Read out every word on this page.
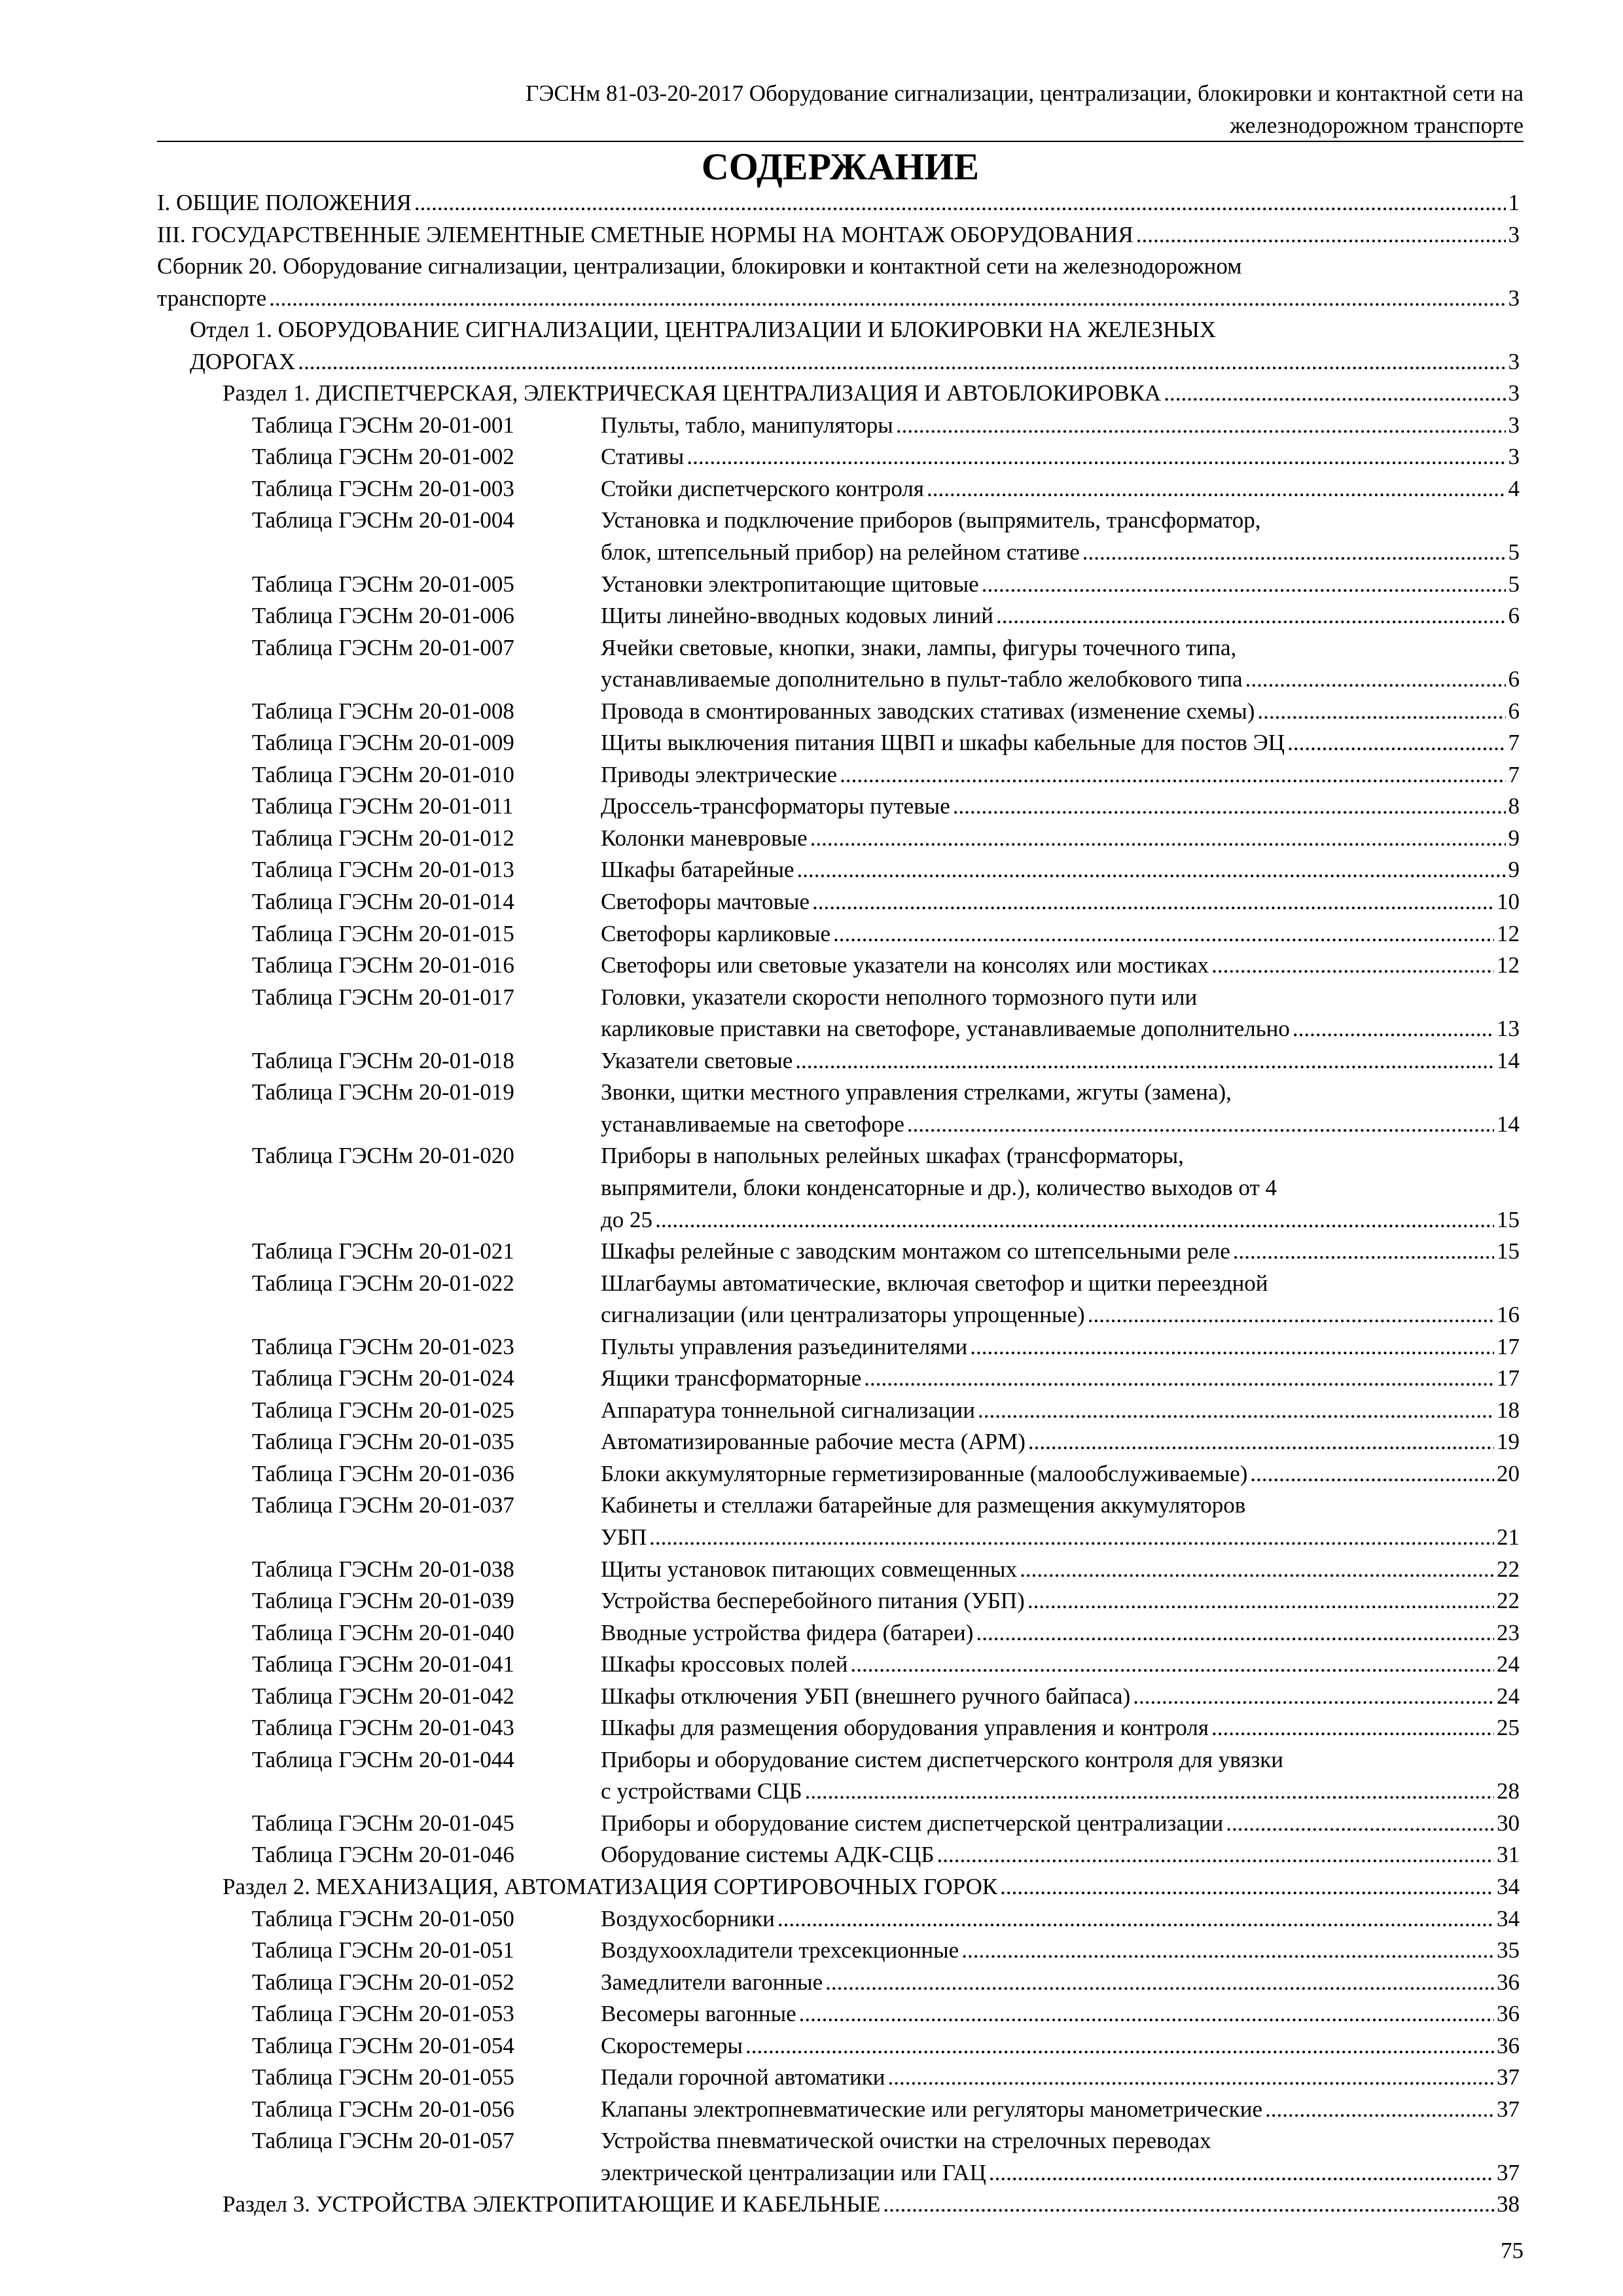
ГЭСНм 81-03-20-2017 Оборудование сигнализации, централизации, блокировки и контактной сети на
железнодорожном транспорте
СОДЕРЖАНИЕ
I. ОБЩИЕ ПОЛОЖЕНИЯ .....	1
III. ГОСУДАРСТВЕННЫЕ ЭЛЕМЕНТНЫЕ СМЕТНЫЕ НОРМЫ НА МОНТАЖ ОБОРУДОВАНИЯ .....	3
Сборник 20. Оборудование сигнализации, централизации, блокировки и контактной сети на железнодорожном
транспорте .....	3
Отдел 1. ОБОРУДОВАНИЕ СИГНАЛИЗАЦИИ, ЦЕНТРАЛИЗАЦИИ И БЛОКИРОВКИ НА ЖЕЛЕЗНЫХ
ДОРОГАХ .....	3
Раздел 1. ДИСПЕТЧЕРСКАЯ, ЭЛЕКТРИЧЕСКАЯ ЦЕНТРАЛИЗАЦИЯ И АВТОБЛОКИРОВКА .....	3
Таблица ГЭСНм 20-01-001	Пульты, табло, манипуляторы .....	3
Таблица ГЭСНм 20-01-002	Стативы .....	3
Таблица ГЭСНм 20-01-003	Стойки диспетчерского контроля .....	4
Таблица ГЭСНм 20-01-004	Установка и подключение приборов (выпрямитель, трансформатор,
блок, штепсельный прибор) на релейном стативе .....	5
Таблица ГЭСНм 20-01-005	Установки электропитающие щитовые .....	5
Таблица ГЭСНм 20-01-006	Щиты линейно-вводных кодовых линий .....	6
Таблица ГЭСНм 20-01-007	Ячейки световые, кнопки, знаки, лампы, фигуры точечного типа,
устанавливаемые дополнительно в пульт-табло желобкового типа .....	6
Таблица ГЭСНм 20-01-008	Провода в смонтированных заводских стативах (изменение схемы) .....	6
Таблица ГЭСНм 20-01-009	Щиты выключения питания ЩВП и шкафы кабельные для постов ЭЦ .....	7
Таблица ГЭСНм 20-01-010	Приводы электрические .....	7
Таблица ГЭСНм 20-01-011	Дроссель-трансформаторы путевые .....	8
Таблица ГЭСНм 20-01-012	Колонки маневровые .....	9
Таблица ГЭСНм 20-01-013	Шкафы батарейные .....	9
Таблица ГЭСНм 20-01-014	Светофоры мачтовые .....	10
Таблица ГЭСНм 20-01-015	Светофоры карликовые .....	12
Таблица ГЭСНм 20-01-016	Светофоры или световые указатели на консолях или мостиках .....	12
Таблица ГЭСНм 20-01-017	Головки, указатели скорости неполного тормозного пути или
карликовые приставки на светофоре, устанавливаемые дополнительно .....	13
Таблица ГЭСНм 20-01-018	Указатели световые .....	14
Таблица ГЭСНм 20-01-019	Звонки, щитки местного управления стрелками, жгуты (замена),
устанавливаемые на светофоре .....	14
Таблица ГЭСНм 20-01-020	Приборы в напольных релейных шкафах (трансформаторы,
выпрямители, блоки конденсаторные и др.), количество выходов от 4
до 25 .....	15
Таблица ГЭСНм 20-01-021	Шкафы релейные с заводским монтажом со штепсельными реле .....	15
Таблица ГЭСНм 20-01-022	Шлагбаумы автоматические, включая светофор и щитки переездной
сигнализации (или централизаторы упрощенные) .....	16
Таблица ГЭСНм 20-01-023	Пульты управления разъединителями .....	17
Таблица ГЭСНм 20-01-024	Ящики трансформаторные .....	17
Таблица ГЭСНм 20-01-025	Аппаратура тоннельной сигнализации .....	18
Таблица ГЭСНм 20-01-035	Автоматизированные рабочие места (АРМ) .....	19
Таблица ГЭСНм 20-01-036	Блоки аккумуляторные герметизированные (малообслуживаемые) .....	20
Таблица ГЭСНм 20-01-037	Кабинеты и стеллажи батарейные для размещения аккумуляторов
УБП .....	21
Таблица ГЭСНм 20-01-038	Щиты установок питающих совмещенных .....	22
Таблица ГЭСНм 20-01-039	Устройства бесперебойного питания (УБП) .....	22
Таблица ГЭСНм 20-01-040	Вводные устройства фидера (батареи) .....	23
Таблица ГЭСНм 20-01-041	Шкафы кроссовых полей .....	24
Таблица ГЭСНм 20-01-042	Шкафы отключения УБП (внешнего ручного байпаса) .....	24
Таблица ГЭСНм 20-01-043	Шкафы для размещения оборудования управления и контроля .....	25
Таблица ГЭСНм 20-01-044	Приборы и оборудование систем диспетчерского контроля для увязки
с устройствами СЦБ .....	28
Таблица ГЭСНм 20-01-045	Приборы и оборудование систем диспетчерской централизации .....	30
Таблица ГЭСНм 20-01-046	Оборудование системы АДК-СЦБ .....	31
Раздел 2. МЕХАНИЗАЦИЯ, АВТОМАТИЗАЦИЯ СОРТИРОВОЧНЫХ ГОРОК .....	34
Таблица ГЭСНм 20-01-050	Воздухосборники .....	34
Таблица ГЭСНм 20-01-051	Воздухоохладители трехсекционные .....	35
Таблица ГЭСНм 20-01-052	Замедлители вагонные .....	36
Таблица ГЭСНм 20-01-053	Весомеры вагонные .....	36
Таблица ГЭСНм 20-01-054	Скоростемеры .....	36
Таблица ГЭСНм 20-01-055	Педали горочной автоматики .....	37
Таблица ГЭСНм 20-01-056	Клапаны электропневматические или регуляторы манометрические .....	37
Таблица ГЭСНм 20-01-057	Устройства пневматической очистки на стрелочных переводах
электрической централизации или ГАЦ .....	37
Раздел 3. УСТРОЙСТВА ЭЛЕКТРОПИТАЮЩИЕ И КАБЕЛЬНЫЕ .....	38
75
